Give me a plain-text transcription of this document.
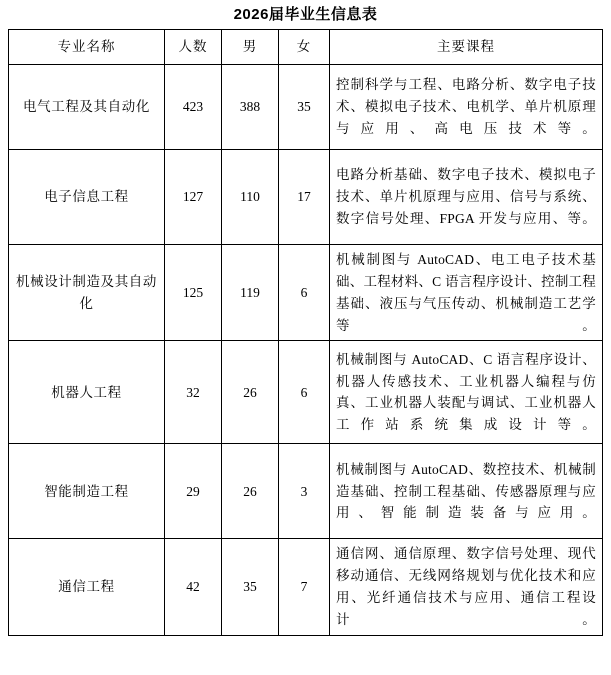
2026届毕业生信息表
专业名称	人数	男	女	主要课程
电气工程及其自动化	423	388	35	控制科学与工程、电路分析、数字电子技术、模拟电子技术、电机学、单片机原理与应用、高电压技术等。
电子信息工程	127	110	17	电路分析基础、数字电子技术、模拟电子技术、单片机原理与应用、信号与系统、数字信号处理、FPGA 开发与应用、等。
机械设计制造及其自动化	125	119	6	机械制图与 AutoCAD、电工电子技术基础、工程材料、C 语言程序设计、控制工程基础、液压与气压传动、机械制造工艺学等。
机器人工程	32	26	6	机械制图与 AutoCAD、C 语言程序设计、机器人传感技术、工业机器人编程与仿真、工业机器人装配与调试、工业机器人工作站系统集成设计等。
智能制造工程	29	26	3	机械制图与 AutoCAD、数控技术、机械制造基础、控制工程基础、传感器原理与应用、智能制造装备与应用。
通信工程	42	35	7	通信网、通信原理、数字信号处理、现代移动通信、无线网络规划与优化技术和应用、光纤通信技术与应用、通信工程设计。
